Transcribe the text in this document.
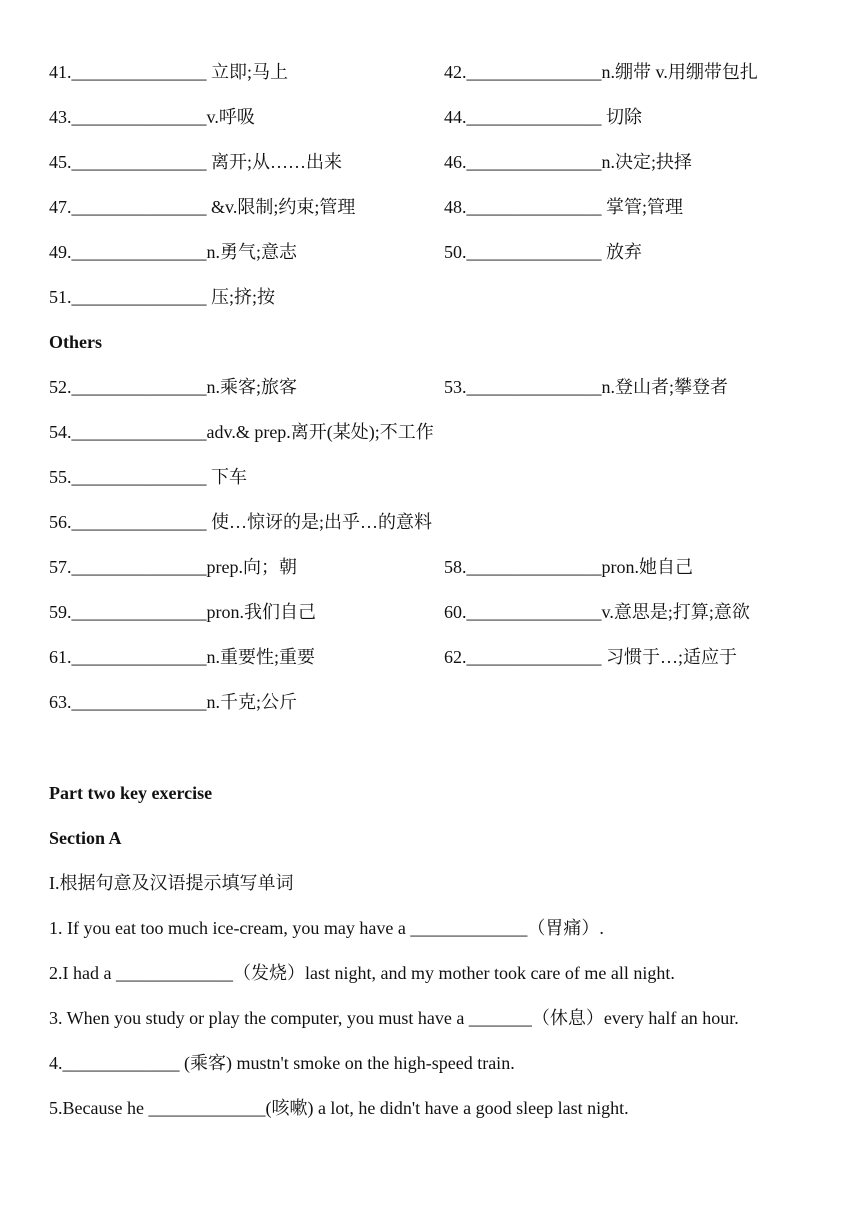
41._______________ 立即;马上	42._______________n.绷带 v.用绷带包扎
43._______________v.呼吸	44._______________ 切除
45._______________ 离开;从……出来	46._______________n.决定;抉择
47._______________ &v.限制;约束;管理	48._______________ 掌管;管理
49._______________n.勇气;意志	50._______________ 放弃
51._______________ 压;挤;按
Others
52._______________n.乘客;旅客	53._______________n.登山者;攀登者
54._______________adv.& prep.离开(某处);不工作
55._______________ 下车
56._______________ 使…惊讶的是;出乎…的意料
57._______________prep.向；朝	58._______________pron.她自己
59._______________pron.我们自己	60._______________v.意思是;打算;意欲
61._______________n.重要性;重要	62._______________ 习惯于…;适应于
63._______________n.千克;公斤
Part two key exercise
Section A
I.根据句意及汉语提示填写单词
1. If you eat too much ice-cream, you may have a _____________（胃痛）.
2.I had a _____________（发烧）last night, and my mother took care of me all night.
3. When you study or play the computer, you must have a _______（休息）every half an hour.
4._____________ (乘客) mustn't smoke on the high-speed train.
5.Because he _____________(咳嗽) a lot, he didn't have a good sleep last night.
